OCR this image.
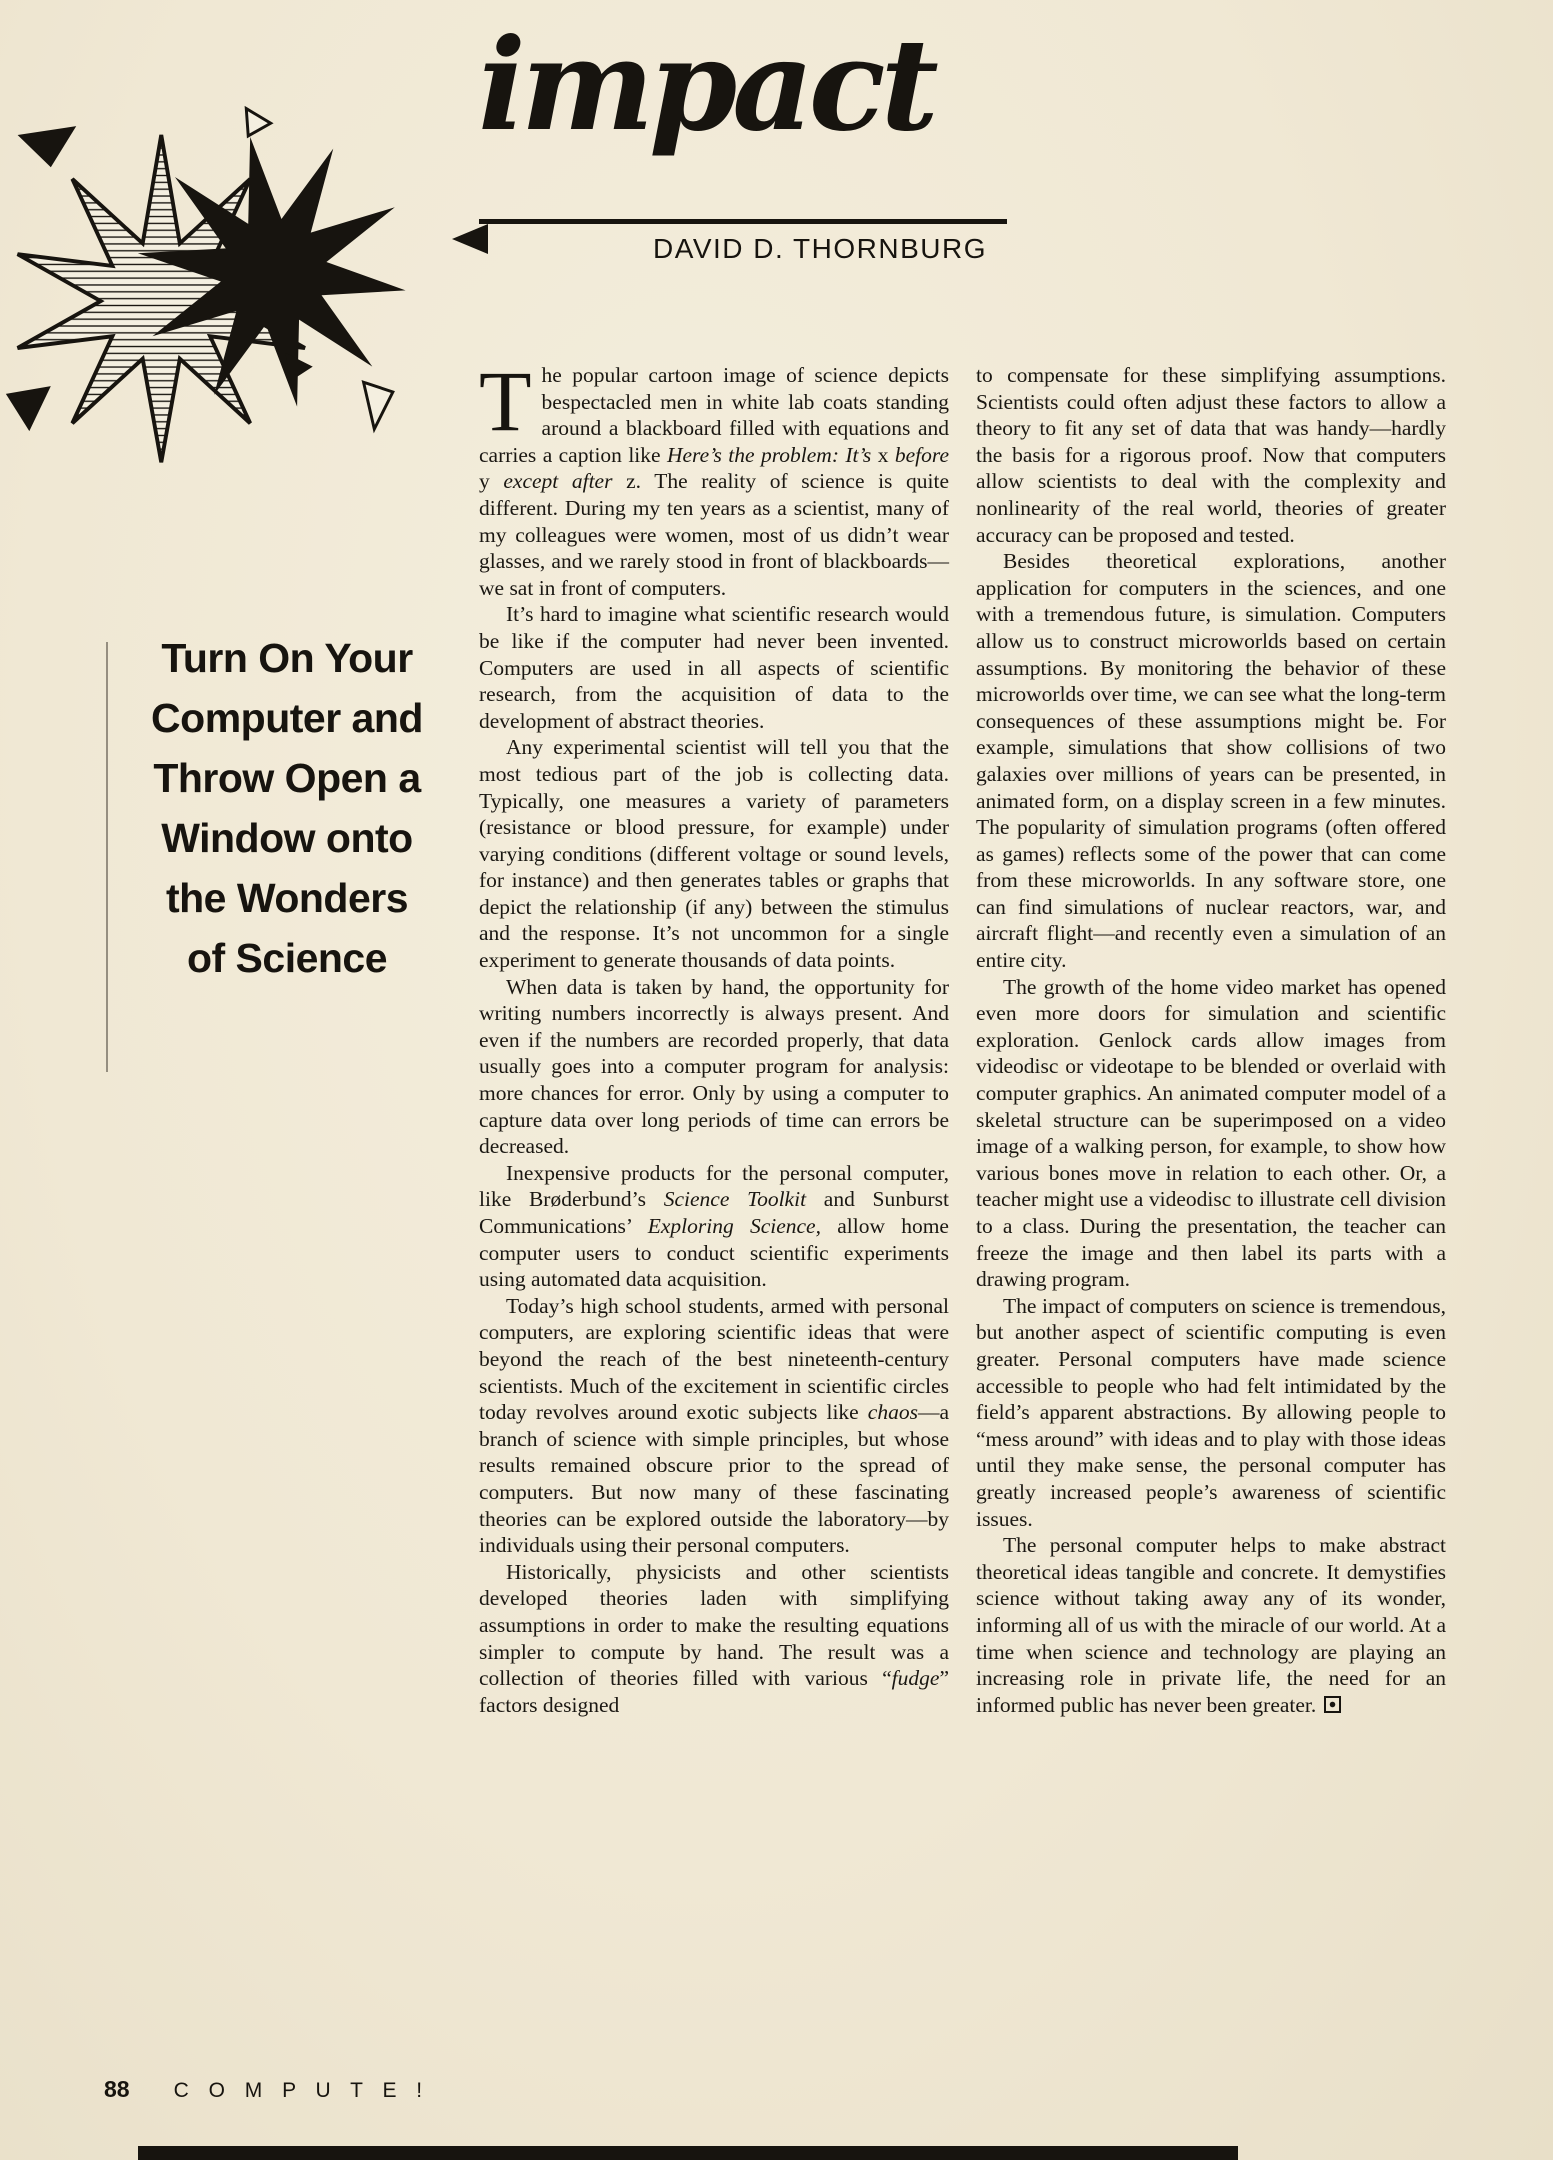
impact
DAVID D. THORNBURG
Turn On Your
Computer and
Throw Open a
Window onto
the Wonders
of Science

The popular cartoon image of science depicts bespectacled men in white lab coats standing around a blackboard filled with equations and carries a caption like Here’s the problem: It’s x before y except after z. The reality of science is quite different. During my ten years as a scientist, many of my colleagues were women, most of us didn’t wear glasses, and we rarely stood in front of blackboards—we sat in front of computers.

It’s hard to imagine what scientific research would be like if the computer had never been invented. Computers are used in all aspects of scientific research, from the acquisition of data to the development of abstract theories.

Any experimental scientist will tell you that the most tedious part of the job is collecting data. Typically, one measures a variety of parameters (resistance or blood pressure, for example) under varying conditions (different voltage or sound levels, for instance) and then generates tables or graphs that depict the relationship (if any) between the stimulus and the response. It’s not uncommon for a single experiment to generate thousands of data points.

When data is taken by hand, the opportunity for writing numbers incorrectly is always present. And even if the numbers are recorded properly, that data usually goes into a computer program for analysis: more chances for error. Only by using a computer to capture data over long periods of time can errors be decreased.

Inexpensive products for the personal computer, like Brøderbund’s Science Toolkit and Sunburst Communications’ Exploring Science, allow home computer users to conduct scientific experiments using automated data acquisition.

Today’s high school students, armed with personal computers, are exploring scientific ideas that were beyond the reach of the best nineteenth-century scientists. Much of the excitement in scientific circles today revolves around exotic subjects like chaos—a branch of science with simple principles, but whose results remained obscure prior to the spread of computers. But now many of these fascinating theories can be explored outside the laboratory—by individuals using their personal computers.

Historically, physicists and other scientists developed theories laden with simplifying assumptions in order to make the resulting equations simpler to compute by hand. The result was a collection of theories filled with various “fudge” factors designed

to compensate for these simplifying assumptions. Scientists could often adjust these factors to allow a theory to fit any set of data that was handy—hardly the basis for a rigorous proof. Now that computers allow scientists to deal with the complexity and nonlinearity of the real world, theories of greater accuracy can be proposed and tested.

Besides theoretical explorations, another application for computers in the sciences, and one with a tremendous future, is simulation. Computers allow us to construct microworlds based on certain assumptions. By monitoring the behavior of these microworlds over time, we can see what the long-term consequences of these assumptions might be. For example, simulations that show collisions of two galaxies over millions of years can be presented, in animated form, on a display screen in a few minutes. The popularity of simulation programs (often offered as games) reflects some of the power that can come from these microworlds. In any software store, one can find simulations of nuclear reactors, war, and aircraft flight—and recently even a simulation of an entire city.

The growth of the home video market has opened even more doors for simulation and scientific exploration. Genlock cards allow images from videodisc or videotape to be blended or overlaid with computer graphics. An animated computer model of a skeletal structure can be superimposed on a video image of a walking person, for example, to show how various bones move in relation to each other. Or, a teacher might use a videodisc to illustrate cell division to a class. During the presentation, the teacher can freeze the image and then label its parts with a drawing program.

The impact of computers on science is tremendous, but another aspect of scientific computing is even greater. Personal computers have made science accessible to people who had felt intimidated by the field’s apparent abstractions. By allowing people to “mess around” with ideas and to play with those ideas until they make sense, the personal computer has greatly increased people’s awareness of scientific issues.

The personal computer helps to make abstract theoretical ideas tangible and concrete. It demystifies science without taking away any of its wonder, informing all of us with the miracle of our world. At a time when science and technology are playing an increasing role in private life, the need for an informed public has never been greater.

88 C O M P U T E !
